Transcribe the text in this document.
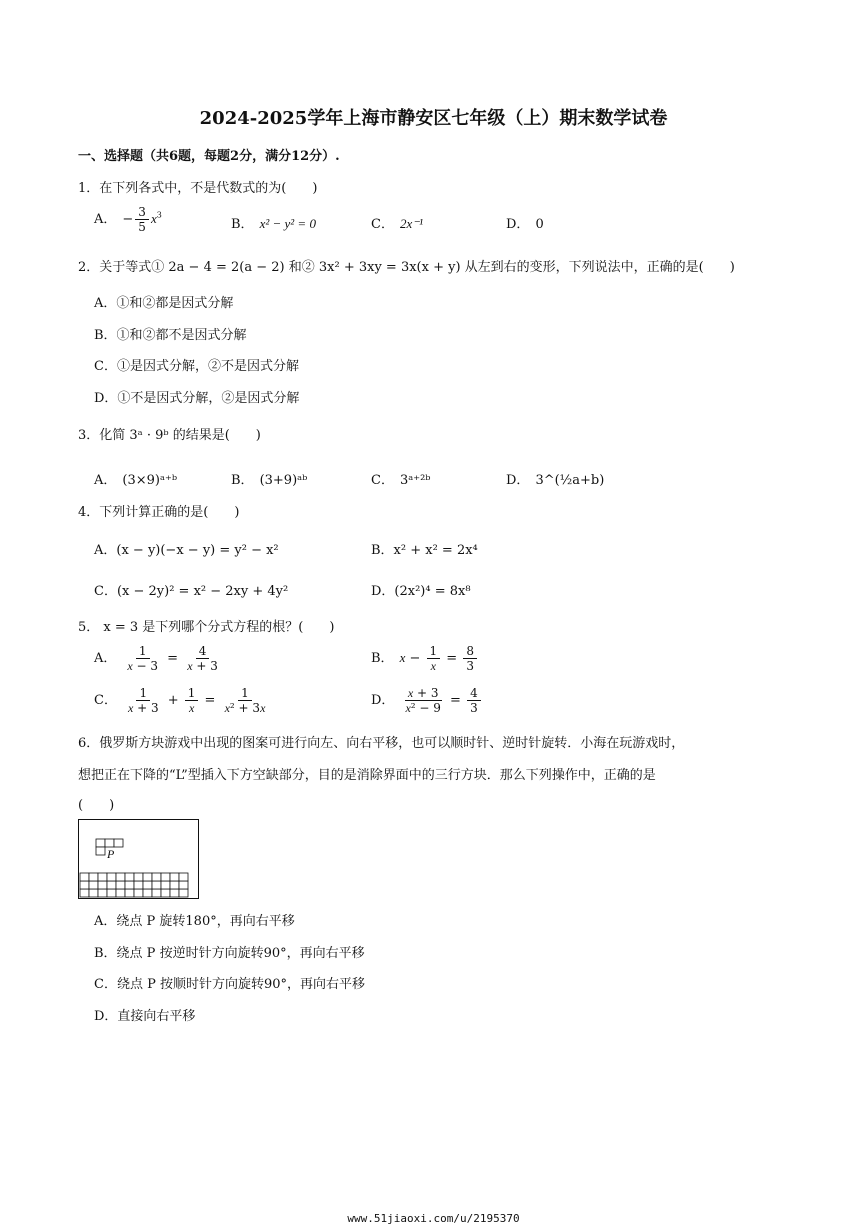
2024-2025学年上海市静安区七年级（上）期末数学试卷
一、选择题（共6题，每题2分，满分12分）.
1．在下列各式中，不是代数式的为(　　)
A． − $\frac{3}{5} x^3$
B． x² − y² = 0	C． 2x⁻¹	D． 0
2．关于等式① 2a − 4 = 2(a − 2) 和② 3x² + 3xy = 3x(x + y) 从左到右的变形，下列说法中，正确的是(　　)
A．①和②都是因式分解
B．①和②都不是因式分解
C．①是因式分解，②不是因式分解
D．①不是因式分解，②是因式分解
3．化简 3ᵃ · 9ᵇ 的结果是(　　)
A． (3×9)ᵃ⁺ᵇ	B． (3+9)ᵃᵇ	C． 3ᵃ⁺²ᵇ	D． 3^(½a+b)
4．下列计算正确的是(　　)
A．(x − y)(−x − y) = y² − x²	B．x² + x² = 2x⁴
C．(x − 2y)² = x² − 2xy + 4y²	D．(2x²)⁴ = 8x⁸
5． x = 3 是下列哪个分式方程的根？(　　)
A． $\frac{1}{x - 3} = \frac{4}{x + 3}$	B． $x - \frac{1}{x} = \frac{8}{3}$
C． $\frac{1}{x + 3} + \frac{1}{x} = \frac{1}{\text{x² + 3x}}$	D． $\frac{x + 3}{\text{x² − 9}} = \frac{4}{3}$
6．俄罗斯方块游戏中出现的图案可进行向左、向右平移，也可以顺时针、逆时针旋转．小海在玩游戏时，
想把正在下降的“L”型插入下方空缺部分，目的是消除界面中的三行方块．那么下列操作中，正确的是
(　　)
P
A．绕点 P 旋转180°，再向右平移
B．绕点 P 按逆时针方向旋转90°，再向右平移
C．绕点 P 按顺时针方向旋转90°，再向右平移
D．直接向右平移
www.51jiaoxi.com/u/2195370
